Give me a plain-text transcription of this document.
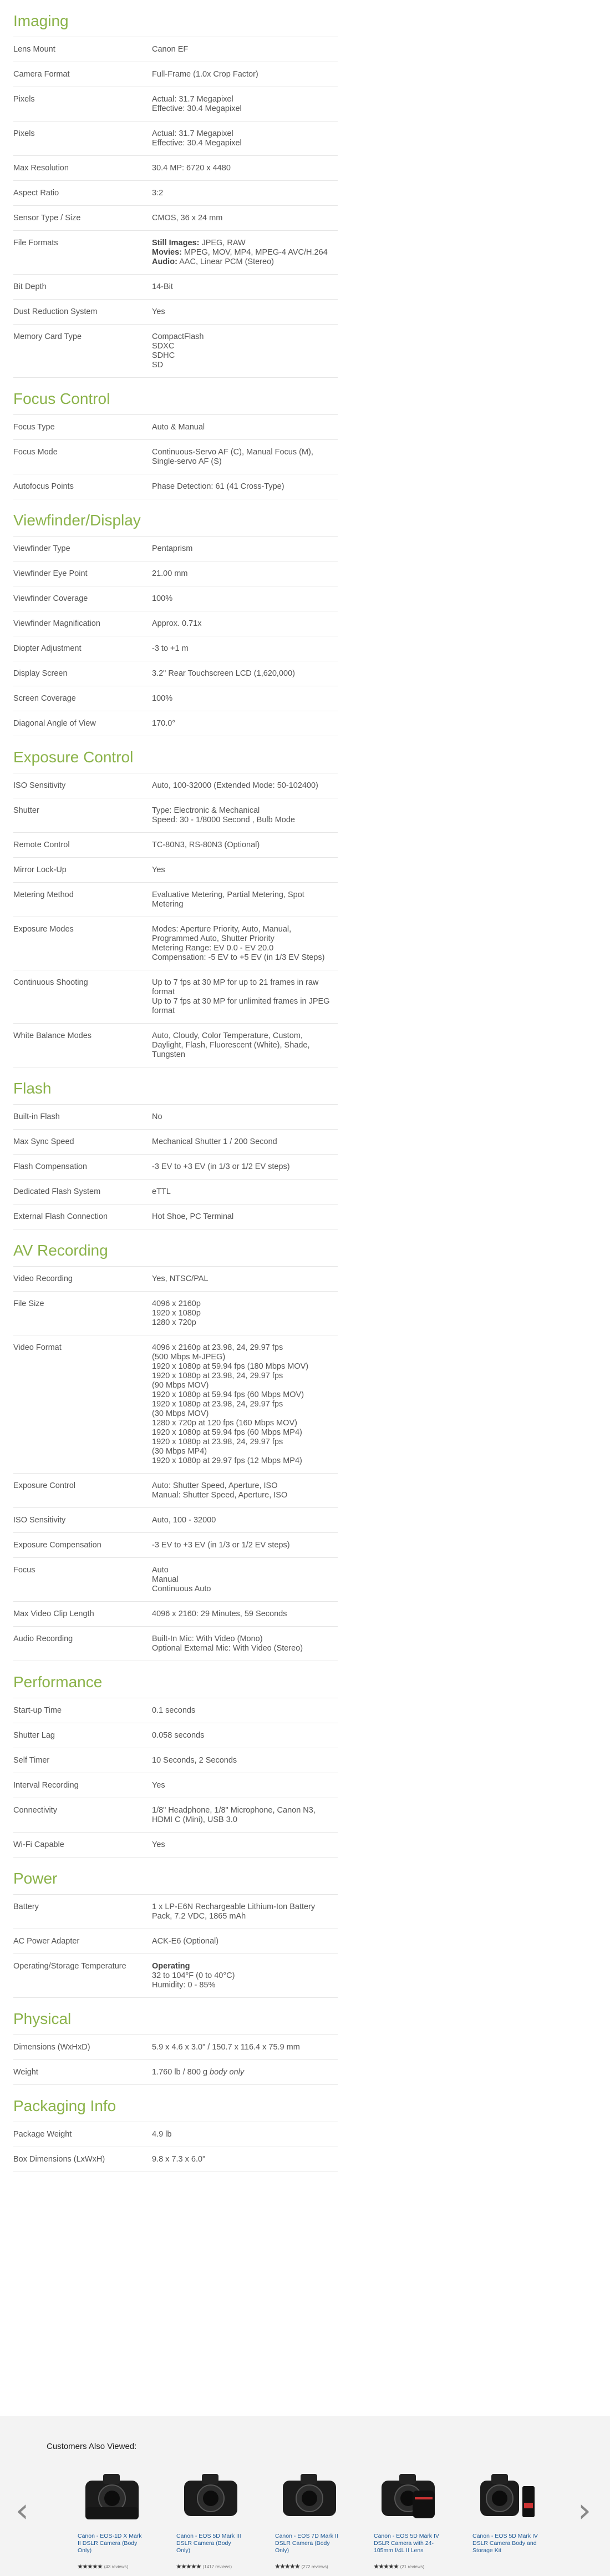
Imaging
Lens Mount	Canon EF
Camera Format	Full-Frame (1.0x Crop Factor)
Pixels	Actual: 31.7 Megapixel
Effective: 30.4 Megapixel
Pixels	Actual: 31.7 Megapixel
Effective: 30.4 Megapixel
Max Resolution	30.4 MP: 6720 x 4480
Aspect Ratio	3:2
Sensor Type / Size	CMOS, 36 x 24 mm
File Formats	Still Images: JPEG, RAW
Movies: MPEG, MOV, MP4, MPEG-4 AVC/H.264
Audio: AAC, Linear PCM (Stereo)
Bit Depth	14-Bit
Dust Reduction System	Yes
Memory Card Type	CompactFlash
SDXC
SDHC
SD
Focus Control
Focus Type	Auto & Manual
Focus Mode	Continuous-Servo AF (C), Manual Focus (M),
Single-servo AF (S)
Autofocus Points	Phase Detection: 61 (41 Cross-Type)
Viewfinder/Display
Viewfinder Type	Pentaprism
Viewfinder Eye Point	21.00 mm
Viewfinder Coverage	100%
Viewfinder Magnification	Approx. 0.71x
Diopter Adjustment	-3 to +1 m
Display Screen	3.2" Rear Touchscreen LCD (1,620,000)
Screen Coverage	100%
Diagonal Angle of View	170.0°
Exposure Control
ISO Sensitivity	Auto, 100-32000 (Extended Mode: 50-102400)
Shutter	Type: Electronic & Mechanical
Speed: 30 - 1/8000 Second , Bulb Mode
Remote Control	TC-80N3, RS-80N3 (Optional)
Mirror Lock-Up	Yes
Metering Method	Evaluative Metering, Partial Metering, Spot
Metering
Exposure Modes	Modes: Aperture Priority, Auto, Manual,
Programmed Auto, Shutter Priority
Metering Range: EV 0.0 - EV 20.0
Compensation: -5 EV to +5 EV (in 1/3 EV Steps)
Continuous Shooting	Up to 7 fps at 30 MP for up to 21 frames in raw
format
Up to 7 fps at 30 MP for unlimited frames in JPEG
format
White Balance Modes	Auto, Cloudy, Color Temperature, Custom,
Daylight, Flash, Fluorescent (White), Shade,
Tungsten
Flash
Built-in Flash	No
Max Sync Speed	Mechanical Shutter 1 / 200 Second
Flash Compensation	-3 EV to +3 EV (in 1/3 or 1/2 EV steps)
Dedicated Flash System	eTTL
External Flash Connection	Hot Shoe, PC Terminal
AV Recording
Video Recording	Yes, NTSC/PAL
File Size	4096 x 2160p
1920 x 1080p
1280 x 720p
Video Format	4096 x 2160p at 23.98, 24, 29.97 fps
(500 Mbps M-JPEG)
1920 x 1080p at 59.94 fps (180 Mbps MOV)
1920 x 1080p at 23.98, 24, 29.97 fps
(90 Mbps MOV)
1920 x 1080p at 59.94 fps (60 Mbps MOV)
1920 x 1080p at 23.98, 24, 29.97 fps
(30 Mbps MOV)
1280 x 720p at 120 fps (160 Mbps MOV)
1920 x 1080p at 59.94 fps (60 Mbps MP4)
1920 x 1080p at 23.98, 24, 29.97 fps
(30 Mbps MP4)
1920 x 1080p at 29.97 fps (12 Mbps MP4)
Exposure Control	Auto: Shutter Speed, Aperture, ISO
Manual: Shutter Speed, Aperture, ISO
ISO Sensitivity	Auto, 100 - 32000
Exposure Compensation	-3 EV to +3 EV (in 1/3 or 1/2 EV steps)
Focus	Auto
Manual
Continuous Auto
Max Video Clip Length	4096 x 2160: 29 Minutes, 59 Seconds
Audio Recording	Built-In Mic: With Video (Mono)
Optional External Mic: With Video (Stereo)
Performance
Start-up Time	0.1 seconds
Shutter Lag	0.058 seconds
Self Timer	10 Seconds, 2 Seconds
Interval Recording	Yes
Connectivity	1/8" Headphone, 1/8" Microphone, Canon N3,
HDMI C (Mini), USB 3.0
Wi-Fi Capable	Yes
Power
Battery	1 x LP-E6N Rechargeable Lithium-Ion Battery
Pack, 7.2 VDC, 1865 mAh
AC Power Adapter	ACK-E6 (Optional)
Operating/Storage Temperature	Operating
32 to 104°F (0 to 40°C)
Humidity: 0 - 85%
Physical
Dimensions (WxHxD)	5.9 x 4.6 x 3.0" / 150.7 x 116.4 x 75.9 mm
Weight	1.760 lb / 800 g body only
Packaging Info
Package Weight	4.9 lb
Box Dimensions (LxWxH)	9.8 x 7.3 x 6.0"
Customers Also Viewed:
‹	›
Canon - EOS-1D X Mark II DSLR Camera (Body Only)
★★★★★ (43 reviews)
Canon - EOS 5D Mark III DSLR Camera (Body Only)
★★★★★ (1417 reviews)
Canon - EOS 7D Mark II DSLR Camera (Body Only)
★★★★★ (272 reviews)
Canon - EOS 5D Mark IV DSLR Camera with 24-105mm f/4L II Lens
★★★★★ (21 reviews)
Canon - EOS 5D Mark IV DSLR Camera Body and Storage Kit
